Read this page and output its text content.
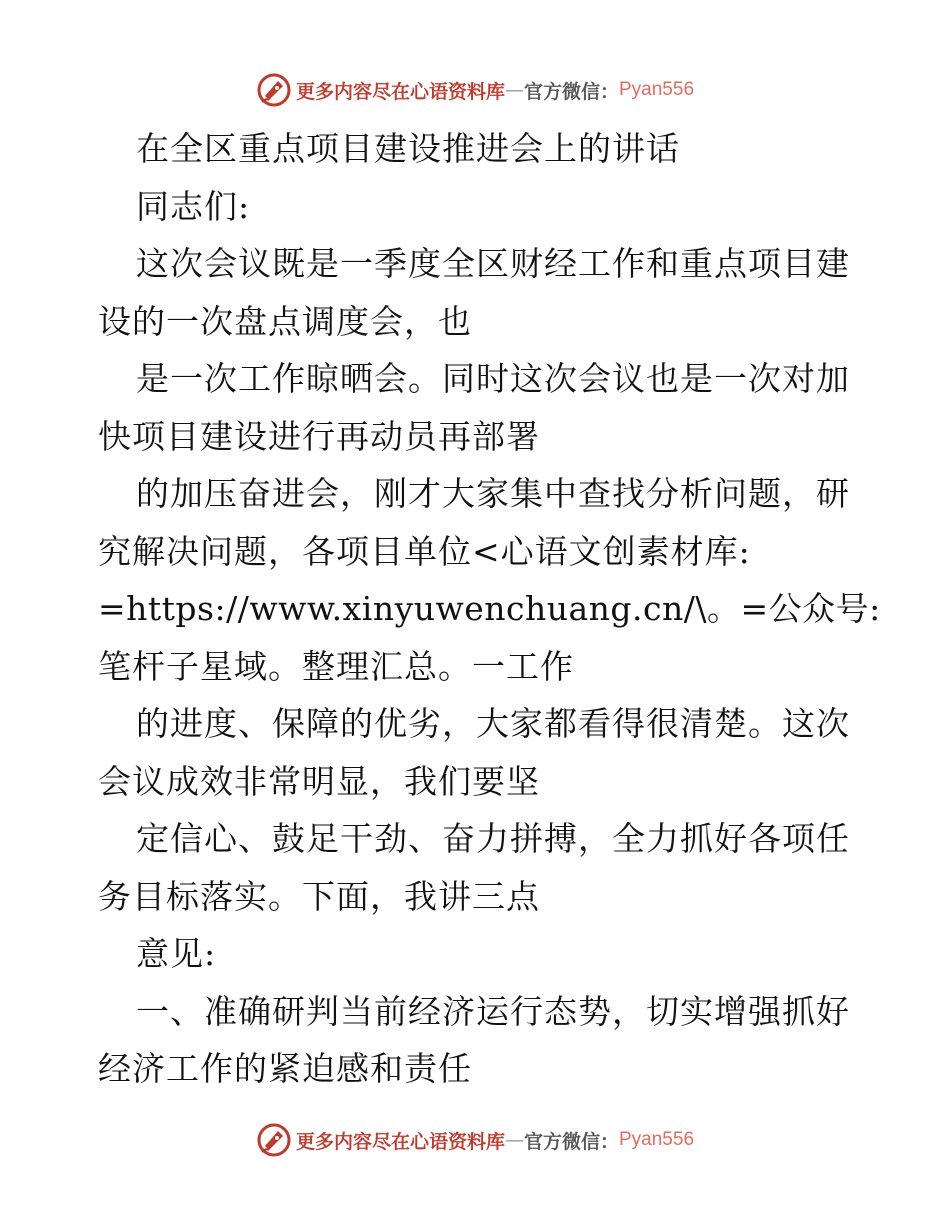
更多内容尽在心语资料库 — 官方微信： Pyan556
在全区重点项目建设推进会上的讲话
同志们:
这次会议既是一季度全区财经工作和重点项目建
设的一次盘点调度会，也
是一次工作晾晒会。同时这次会议也是一次对加
快项目建设进行再动员再部署
的加压奋进会，刚才大家集中查找分析问题，研
究解决问题，各项目单位<心语文创素材库:
=https://www.xinyuwenchuang.cn/\。=公众号:
笔杆子星域。整理汇总。一工作
的进度、保障的优劣，大家都看得很清楚。这次
会议成效非常明显，我们要坚
定信心、鼓足干劲、奋力拼搏，全力抓好各项任
务目标落实。下面，我讲三点
意见:
一、准确研判当前经济运行态势，切实增强抓好
经济工作的紧迫感和责任
更多内容尽在心语资料库 — 官方微信： Pyan556
